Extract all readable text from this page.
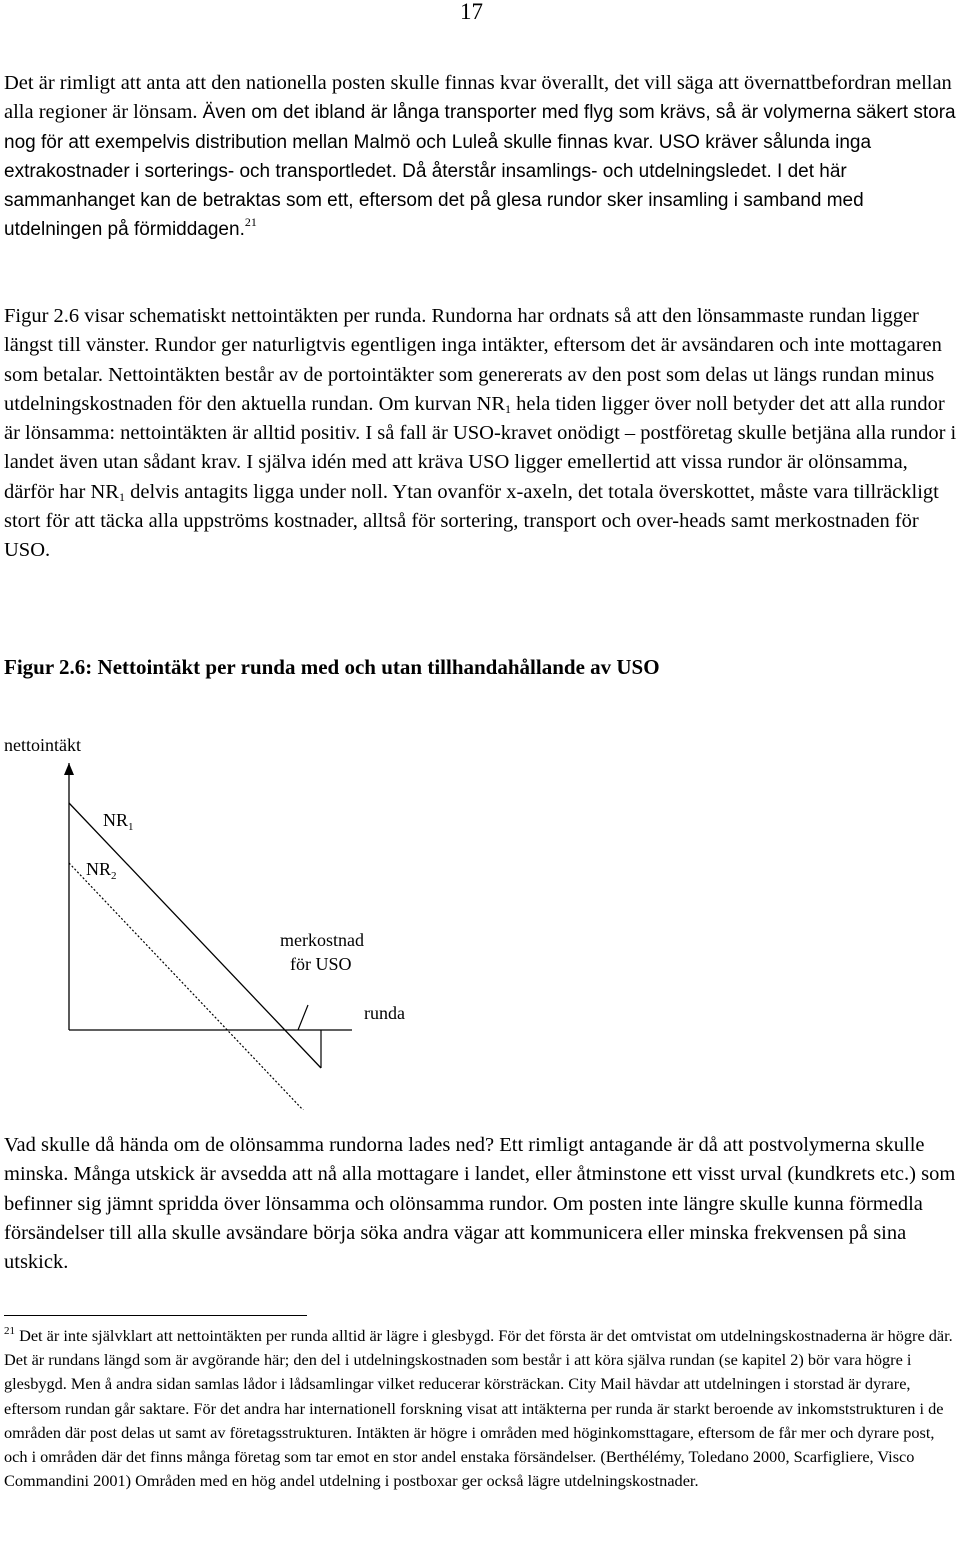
17

Det är rimligt att anta att den nationella posten skulle finnas kvar överallt, det vill säga att övernattbefordran mellan alla regioner är lönsam. Även om det ibland är långa transporter med flyg som krävs, så är volymerna säkert stora nog för att exempelvis distribution mellan Malmö och Luleå skulle finnas kvar. USO kräver sålunda inga extrakostnader i sorterings- och transportledet. Då återstår insamlings- och utdelningsledet. I det här sammanhanget kan de betraktas som ett, eftersom det på glesa rundor sker insamling i samband med utdelningen på förmiddagen.$^{21}$

Figur 2.6 visar schematiskt nettointäkten per runda. Rundorna har ordnats så att den lönsammaste rundan ligger längst till vänster. Rundor ger naturligtvis egentligen inga intäkter, eftersom det är avsändaren och inte mottagaren som betalar. Nettointäkten består av de portointäkter som genererats av den post som delas ut längs rundan minus utdelningskostnaden för den aktuella rundan. Om kurvan $NR_1$ hela tiden ligger över noll betyder det att alla rundor är lönsamma: nettointäkten är alltid positiv. I så fall är USO-kravet onödigt – postföretag skulle betjäna alla rundor i landet även utan sådant krav. I själva idén med att kräva USO ligger emellertid att vissa rundor är olönsamma, därför har $NR_1$ delvis antagits ligga under noll. Ytan ovanför x-axeln, det totala överskottet, måste vara tillräckligt stort för att täcka alla uppströms kostnader, alltså för sortering, transport och over-heads samt merkostnaden för USO.

Figur 2.6: Nettointäkt per runda med och utan tillhandahållande av USO

nettointäkt
$NR_1$
$NR_2$
merkostnad
för USO
runda

Vad skulle då hända om de olönsamma rundorna lades ned? Ett rimligt antagande är då att postvolymerna skulle minska. Många utskick är avsedda att nå alla mottagare i landet, eller åtminstone ett visst urval (kundkrets etc.) som befinner sig jämnt spridda över lönsamma och olönsamma rundor. Om posten inte längre skulle kunna förmedla försändelser till alla skulle avsändare börja söka andra vägar att kommunicera eller minska frekvensen på sina utskick.

$^{21}$ Det är inte självklart att nettointäkten per runda alltid är lägre i glesbygd. För det första är det omtvistat om utdelningskostnaderna är högre där. Det är rundans längd som är avgörande här; den del i utdelningskostnaden som består i att köra själva rundan (se kapitel 2) bör vara högre i glesbygd. Men å andra sidan samlas lådor i lådsamlingar vilket reducerar körsträckan. City Mail hävdar att utdelningen i storstad är dyrare, eftersom rundan går saktare. För det andra har internationell forskning visat att intäkterna per runda är starkt beroende av inkomststrukturen i de områden där post delas ut samt av företagsstrukturen. Intäkten är högre i områden med höginkomsttagare, eftersom de får mer och dyrare post, och i områden där det finns många företag som tar emot en stor andel enstaka försändelser. (Berthélémy, Toledano 2000, Scarfigliere, Visco Commandini 2001) Områden med en hög andel utdelning i postboxar ger också lägre utdelningskostnader.
